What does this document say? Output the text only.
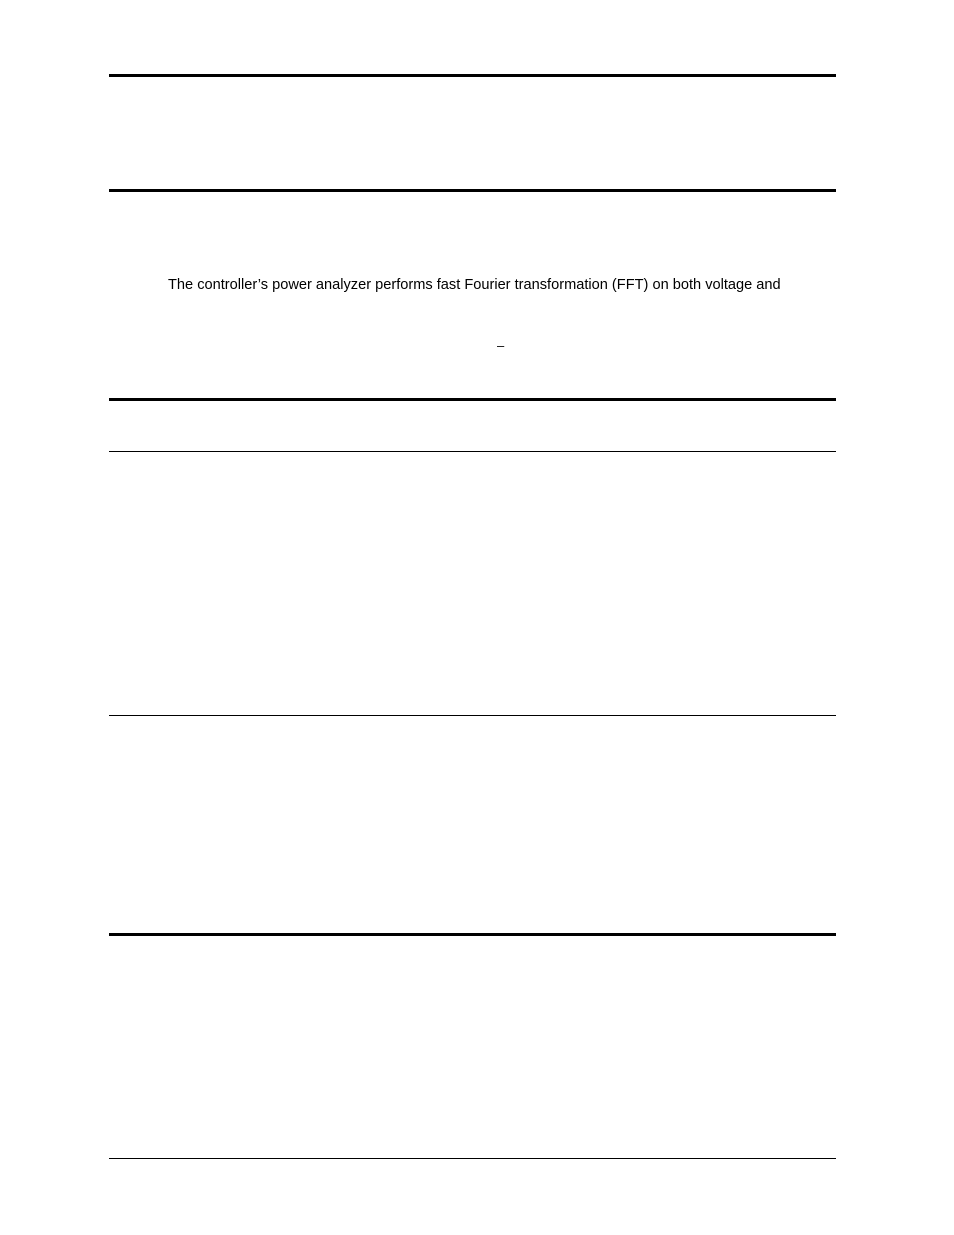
The controller’s power analyzer performs fast Fourier transformation (FFT) on both voltage and
–
